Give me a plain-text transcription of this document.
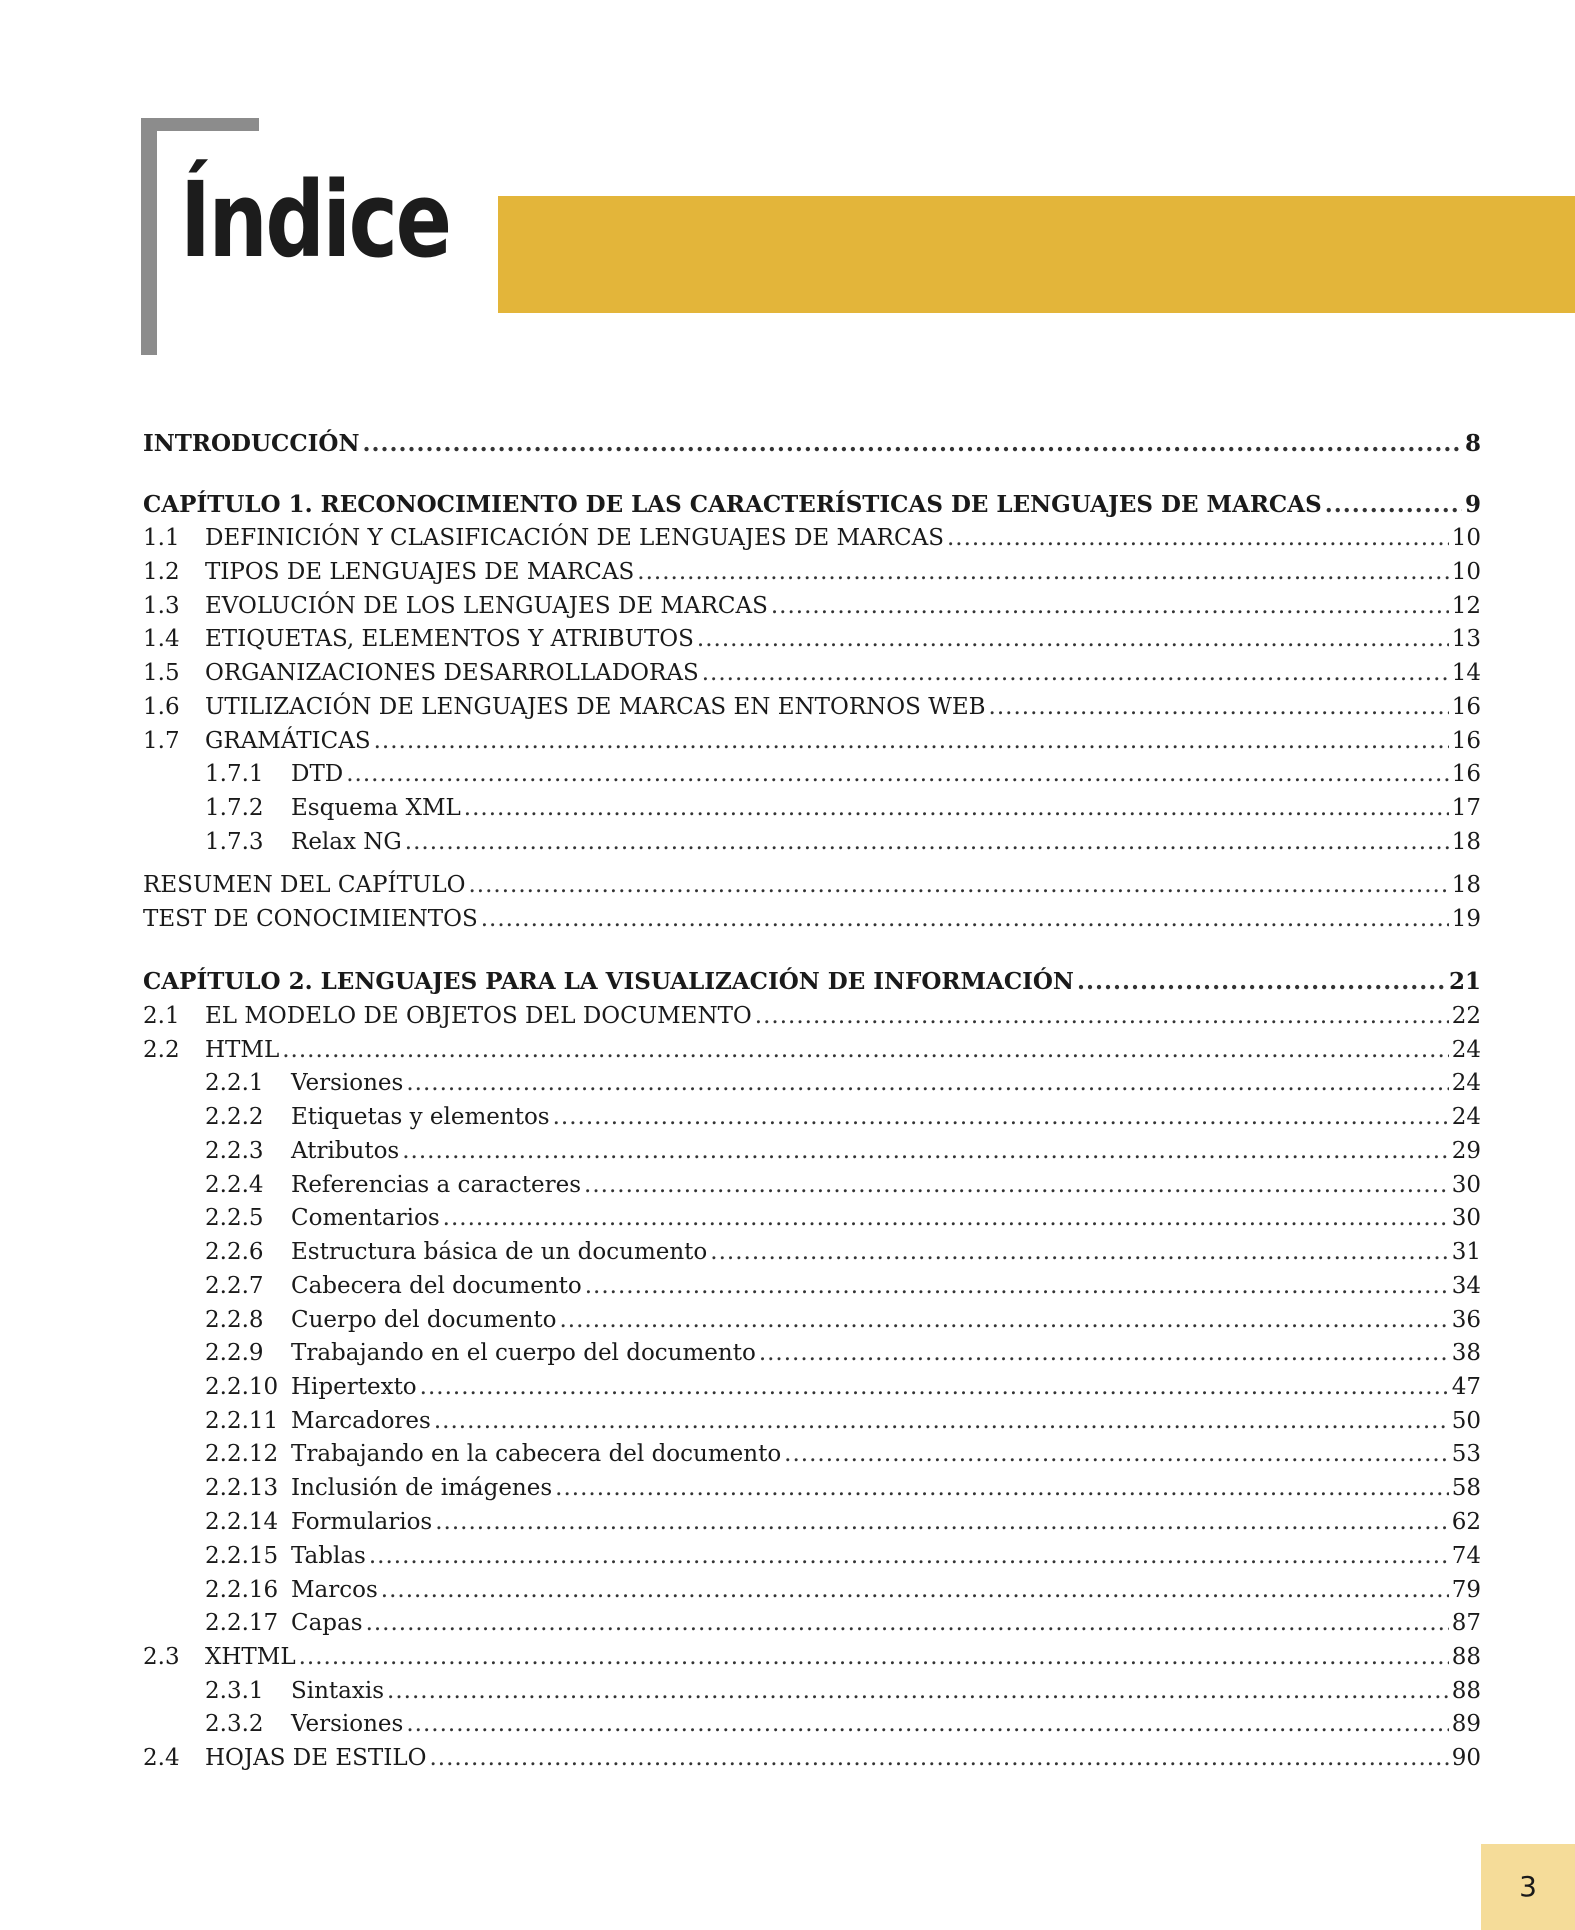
Índice
INTRODUCCIÓN .....	8
CAPÍTULO 1. RECONOCIMIENTO DE LAS CARACTERÍSTICAS DE LENGUAJES DE MARCAS .....	9
1.1	DEFINICIÓN Y CLASIFICACIÓN DE LENGUAJES DE MARCAS .....	10
1.2	TIPOS DE LENGUAJES DE MARCAS .....	10
1.3	EVOLUCIÓN DE LOS LENGUAJES DE MARCAS .....	12
1.4	ETIQUETAS, ELEMENTOS Y ATRIBUTOS .....	13
1.5	ORGANIZACIONES DESARROLLADORAS .....	14
1.6	UTILIZACIÓN DE LENGUAJES DE MARCAS EN ENTORNOS WEB .....	16
1.7	GRAMÁTICAS .....	16
1.7.1	DTD .....	16
1.7.2	Esquema XML .....	17
1.7.3	Relax NG .....	18
RESUMEN DEL CAPÍTULO .....	18
TEST DE CONOCIMIENTOS .....	19
CAPÍTULO 2. LENGUAJES PARA LA VISUALIZACIÓN DE INFORMACIÓN .....	21
2.1	EL MODELO DE OBJETOS DEL DOCUMENTO .....	22
2.2	HTML .....	24
2.2.1	Versiones .....	24
2.2.2	Etiquetas y elementos .....	24
2.2.3	Atributos .....	29
2.2.4	Referencias a caracteres .....	30
2.2.5	Comentarios .....	30
2.2.6	Estructura básica de un documento .....	31
2.2.7	Cabecera del documento .....	34
2.2.8	Cuerpo del documento .....	36
2.2.9	Trabajando en el cuerpo del documento .....	38
2.2.10 Hipertexto .....	47
2.2.11 Marcadores .....	50
2.2.12 Trabajando en la cabecera del documento .....	53
2.2.13 Inclusión de imágenes .....	58
2.2.14 Formularios .....	62
2.2.15 Tablas .....	74
2.2.16 Marcos .....	79
2.2.17 Capas .....	87
2.3	XHTML .....	88
2.3.1	Sintaxis .....	88
2.3.2	Versiones .....	89
2.4	HOJAS DE ESTILO .....	90
3
